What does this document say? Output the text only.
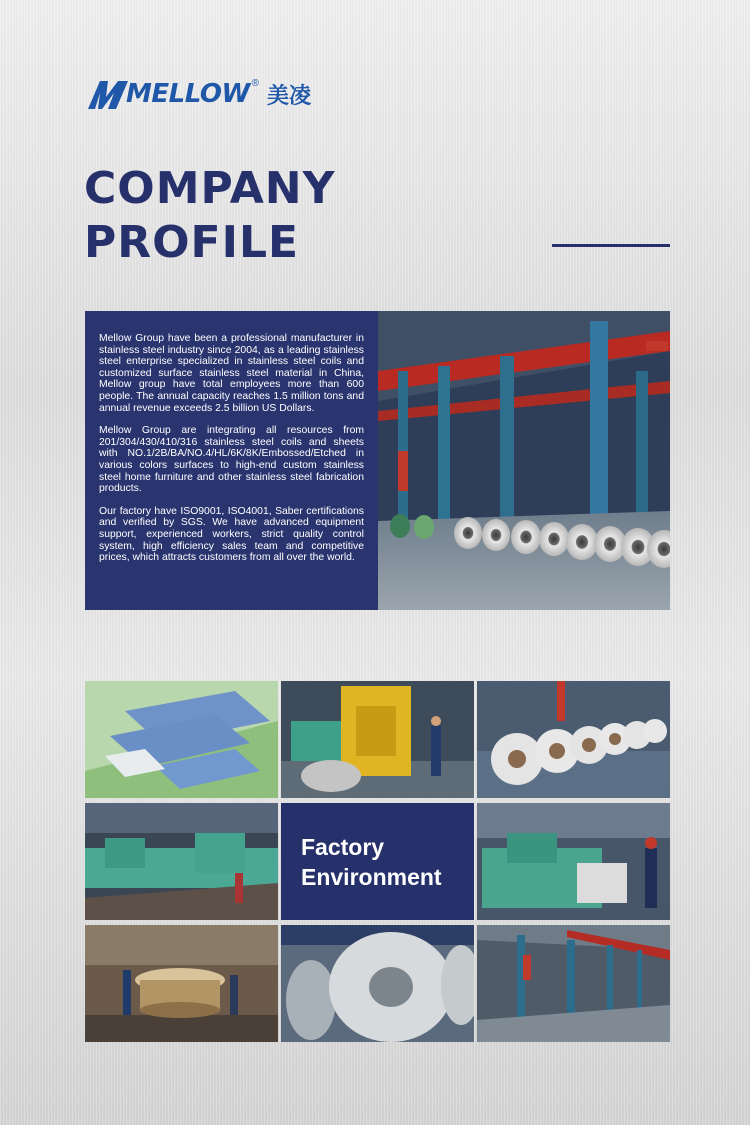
MELLOW ® 美凌
COMPANY
PROFILE

Mellow Group have been a professional manufacturer in stainless steel industry since 2004, as a leading stainless steel enterprise specialized in stainless steel coils and customized surface stainless steel material in China, Mellow group have total employees more than 600 people. The annual capacity reaches 1.5 million tons and annual revenue exceeds 2.5 billion US Dollars.

Mellow Group are integrating all resources from 201/304/430/410/316 stainless steel coils and sheets with NO.1/2B/BA/NO.4/HL/6K/8K/Embossed/Etched in various colors surfaces to high-end custom stainless steel home furniture and other stainless steel fabrication products.

Our factory have ISO9001, ISO4001, Saber certifications and verified by SGS. We have advanced equipment support, experienced workers, strict quality control system, high efficiency sales team and competitive prices, which attracts customers from all over the world.

Factory
Environment
